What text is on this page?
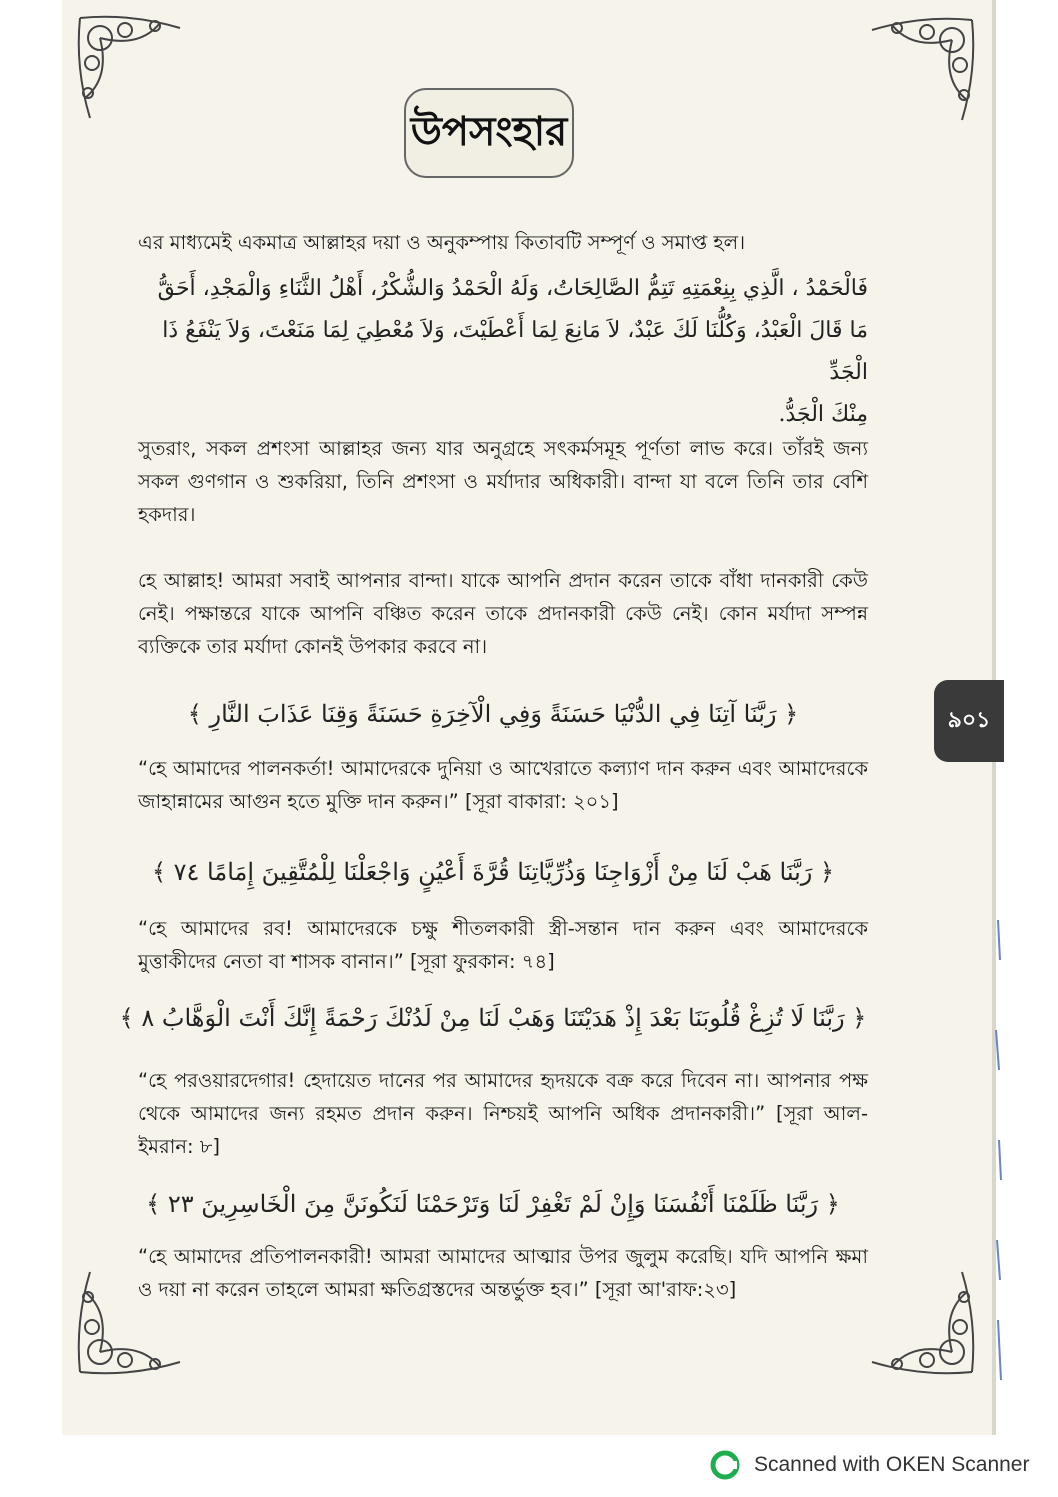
উপসংহার
এর মাধ্যমেই একমাত্র আল্লাহর দয়া ও অনুকম্পায় কিতাবটি সম্পূর্ণ ও সমাপ্ত হল।
فَالْحَمْدُ ، الَّذِي بِنِعْمَتِهِ تَتِمُّ الصَّالِحَاتُ، وَلَهُ الْحَمْدُ وَالشُّكْرُ، أَهْلُ الثَّنَاءِ وَالْمَجْدِ، أَحَقُّ
مَا قَالَ الْعَبْدُ، وَكُلُّنَا لَكَ عَبْدٌ، لاَ مَانِعَ لِمَا أَعْطَيْتَ، وَلاَ مُعْطِيَ لِمَا مَنَعْتَ، وَلاَ يَنْفَعُ ذَا الْجَدِّ
مِنْكَ الْجَدُّ.
সুতরাং, সকল প্রশংসা আল্লাহর জন্য যার অনুগ্রহে সৎকর্মসমূহ পূর্ণতা লাভ করে। তাঁরই জন্য সকল গুণগান ও শুকরিয়া, তিনি প্রশংসা ও মর্যাদার অধিকারী। বান্দা যা বলে তিনি তার বেশি হকদার।
হে আল্লাহ! আমরা সবাই আপনার বান্দা। যাকে আপনি প্রদান করেন তাকে বাঁধা দানকারী কেউ নেই। পক্ষান্তরে যাকে আপনি বঞ্চিত করেন তাকে প্রদানকারী কেউ নেই। কোন মর্যাদা সম্পন্ন ব্যক্তিকে তার মর্যাদা কোনই উপকার করবে না।
﴿ رَبَّنَا آتِنَا فِي الدُّنْيَا حَسَنَةً وَفِي الْآخِرَةِ حَسَنَةً وَقِنَا عَذَابَ النَّارِ ﴾
“হে আমাদের পালনকর্তা! আমাদেরকে দুনিয়া ও আখেরাতে কল্যাণ দান করুন এবং আমাদেরকে জাহান্নামের আগুন হতে মুক্তি দান করুন।” [সূরা বাকারা: ২০১]
﴿ رَبَّنَا هَبْ لَنَا مِنْ أَزْوَاجِنَا وَذُرِّيَّاتِنَا قُرَّةَ أَعْيُنٍ وَاجْعَلْنَا لِلْمُتَّقِينَ إِمَامًا ٧٤ ﴾
“হে আমাদের রব! আমাদেরকে চক্ষু শীতলকারী স্ত্রী-সন্তান দান করুন এবং আমাদেরকে মুত্তাকীদের নেতা বা শাসক বানান।” [সূরা ফুরকান: ৭৪]
﴿ رَبَّنَا لَا تُزِغْ قُلُوبَنَا بَعْدَ إِذْ هَدَيْتَنَا وَهَبْ لَنَا مِنْ لَدُنْكَ رَحْمَةً إِنَّكَ أَنْتَ الْوَهَّابُ ٨ ﴾
“হে পরওয়ারদেগার! হেদায়েত দানের পর আমাদের হৃদয়কে বক্র করে দিবেন না। আপনার পক্ষ থেকে আমাদের জন্য রহমত প্রদান করুন। নিশ্চয়ই আপনি অধিক প্রদানকারী।” [সূরা আল-ইমরান: ৮]
﴿ رَبَّنَا ظَلَمْنَا أَنْفُسَنَا وَإِنْ لَمْ تَغْفِرْ لَنَا وَتَرْحَمْنَا لَنَكُونَنَّ مِنَ الْخَاسِرِينَ ٢٣ ﴾
“হে আমাদের প্রতিপালনকারী! আমরা আমাদের আত্মার উপর জুলুম করেছি। যদি আপনি ক্ষমা ও দয়া না করেন তাহলে আমরা ক্ষতিগ্রস্তদের অন্তর্ভুক্ত হব।” [সূরা আ'রাফ:২৩]
৯০১
Scanned with OKEN Scanner
